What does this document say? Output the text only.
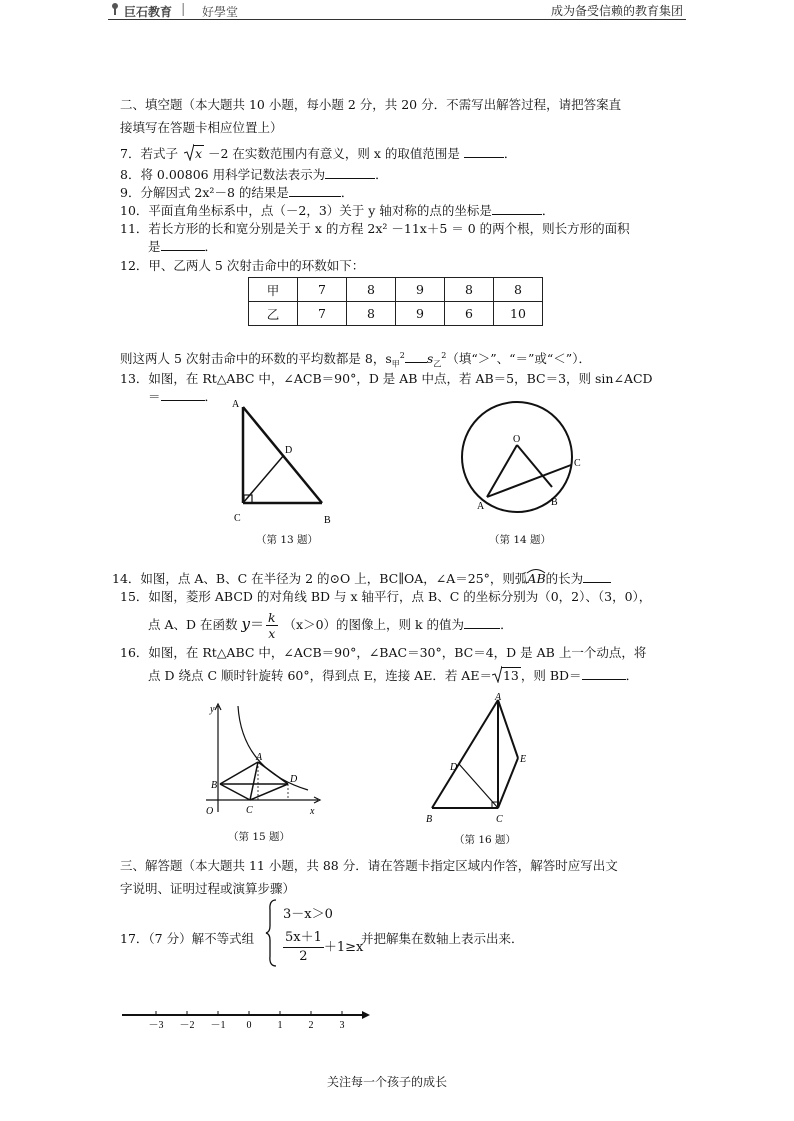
巨石教育 | 好學堂	成为备受信赖的教育集团
二、填空题（本大题共 10 小题，每小题 2 分，共 20 分．不需写出解答过程，请把答案直
接填写在答题卡相应位置上）
7．若式子 x －2 在实数范围内有意义，则 x 的取值范围是	．
8．将 0.00806 用科学记数法表示为	．
9．分解因式 2x²－8 的结果是	．
10．平面直角坐标系中，点（－2，3）关于 y 轴对称的点的坐标是	．
11．若长方形的长和宽分别是关于 x 的方程 2x² －11x＋5 ＝ 0 的两个根，则长方形的面积
是	．
12．甲、乙两人 5 次射击命中的环数如下：
甲	7	8	9	8	8
乙	7	8	9	6	10
则这两人 5 次射击命中的环数的平均数都是 8，$s_甲^2$ $s_乙^2$（填“＞”、“＝”或“＜”）．
13．如图，在 Rt△ABC 中，∠ACB＝90°，D 是 AB 中点，若 AB＝5，BC＝3，则 sin∠ACD
＝	．
A
D
C	B
（第 13 题）
O
A	B
C
（第 14 题）
14．如图，点 A、B、C 在半径为 2 的⊙O 上，BC∥OA，∠A＝25°，则弧
AB的长为
15．如图，菱形 ABCD 的对角线 BD 与 x 轴平行，点 B、C 的坐标分别为（0，2）、（3，0），
点 A、D 在函数 $y= \frac{k}{x} (x>0)$的图像上，则 k 的值为	．
16．如图，在 Rt△ABC 中，∠ACB＝90°，∠BAC＝30°，BC＝4，D 是 AB 上一个动点，将
点 D 绕点 C 顺时针旋转 60°，得到点 E，连接 AE．若 AE＝ 13 ，则 BD＝	．
y
x
O
A
B
C
D
（第 15 题）
A
D
E
B	C
（第 16 题）
三、解答题（本大题共 11 小题，共 88 分．请在答题卡指定区域内作答，解答时应写出文
字说明、证明过程或演算步骤）
17．（7 分）解不等式组
3－x＞0
$\frac{5x+1}{2} +1\ge x$
并把解集在数轴上表示出来．
－3 －2 －1 0	1	2	3
关注每一个孩子的成长
